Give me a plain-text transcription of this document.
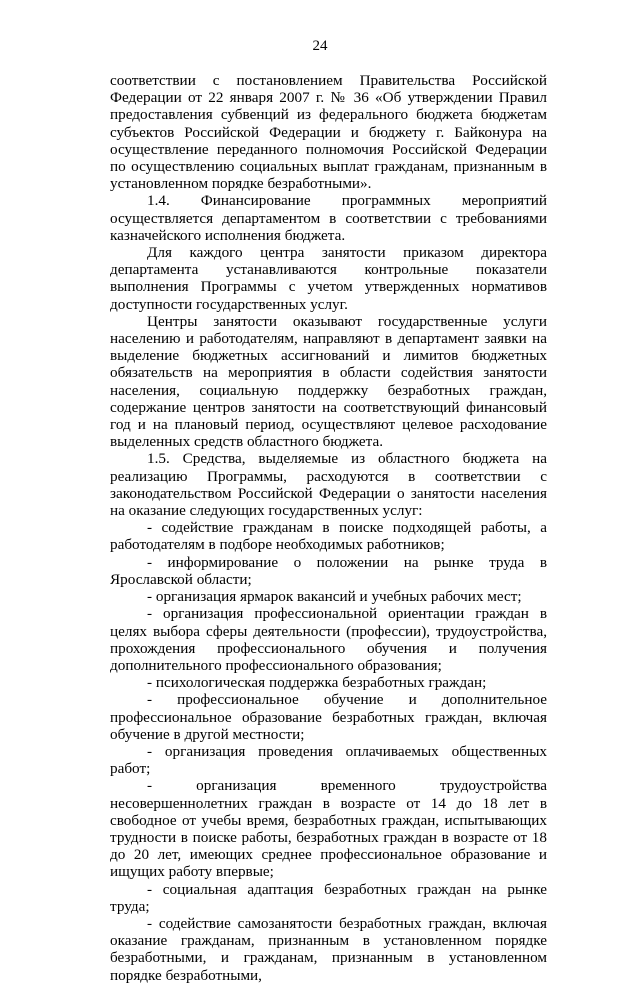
24

соответствии с постановлением Правительства Российской Федерации от 22 января 2007 г. № 36 «Об утверждении Правил предоставления субвенций из федерального бюджета бюджетам субъектов Российской Федерации и бюджету г. Байконура на осуществление переданного полномочия Российской Федерации по осуществлению социальных выплат гражданам, признанным в установленном порядке безработными».

1.4. Финансирование программных мероприятий осуществляется департаментом в соответствии с требованиями казначейского исполнения бюджета.

Для каждого центра занятости приказом директора департамента устанавливаются контрольные показатели выполнения Программы с учетом утвержденных нормативов доступности государственных услуг.

Центры занятости оказывают государственные услуги населению и работодателям, направляют в департамент заявки на выделение бюджетных ассигнований и лимитов бюджетных обязательств на мероприятия в области содействия занятости населения, социальную поддержку безработных граждан, содержание центров занятости на соответствующий финансовый год и на плановый период, осуществляют целевое расходование выделенных средств областного бюджета.

1.5. Средства, выделяемые из областного бюджета на реализацию Программы, расходуются в соответствии с законодательством Российской Федерации о занятости населения на оказание следующих государственных услуг:

- содействие гражданам в поиске подходящей работы, а работодателям в подборе необходимых работников;

- информирование о положении на рынке труда в Ярославской области;

- организация ярмарок вакансий и учебных рабочих мест;

- организация профессиональной ориентации граждан в целях выбора сферы деятельности (профессии), трудоустройства, прохождения профессионального обучения и получения дополнительного профессионального образования;

- психологическая поддержка безработных граждан;

- профессиональное обучение и дополнительное профессиональное образование безработных граждан, включая обучение в другой местности;

- организация проведения оплачиваемых общественных работ;

- организация временного трудоустройства несовершеннолетних граждан в возрасте от 14 до 18 лет в свободное от учебы время, безработных граждан, испытывающих трудности в поиске работы, безработных граждан в возрасте от 18 до 20 лет, имеющих среднее профессиональное образование и ищущих работу впервые;

- социальная адаптация безработных граждан на рынке труда;

- содействие самозанятости безработных граждан, включая оказание гражданам, признанным в установленном порядке безработными, и гражданам, признанным в установленном порядке безработными,
